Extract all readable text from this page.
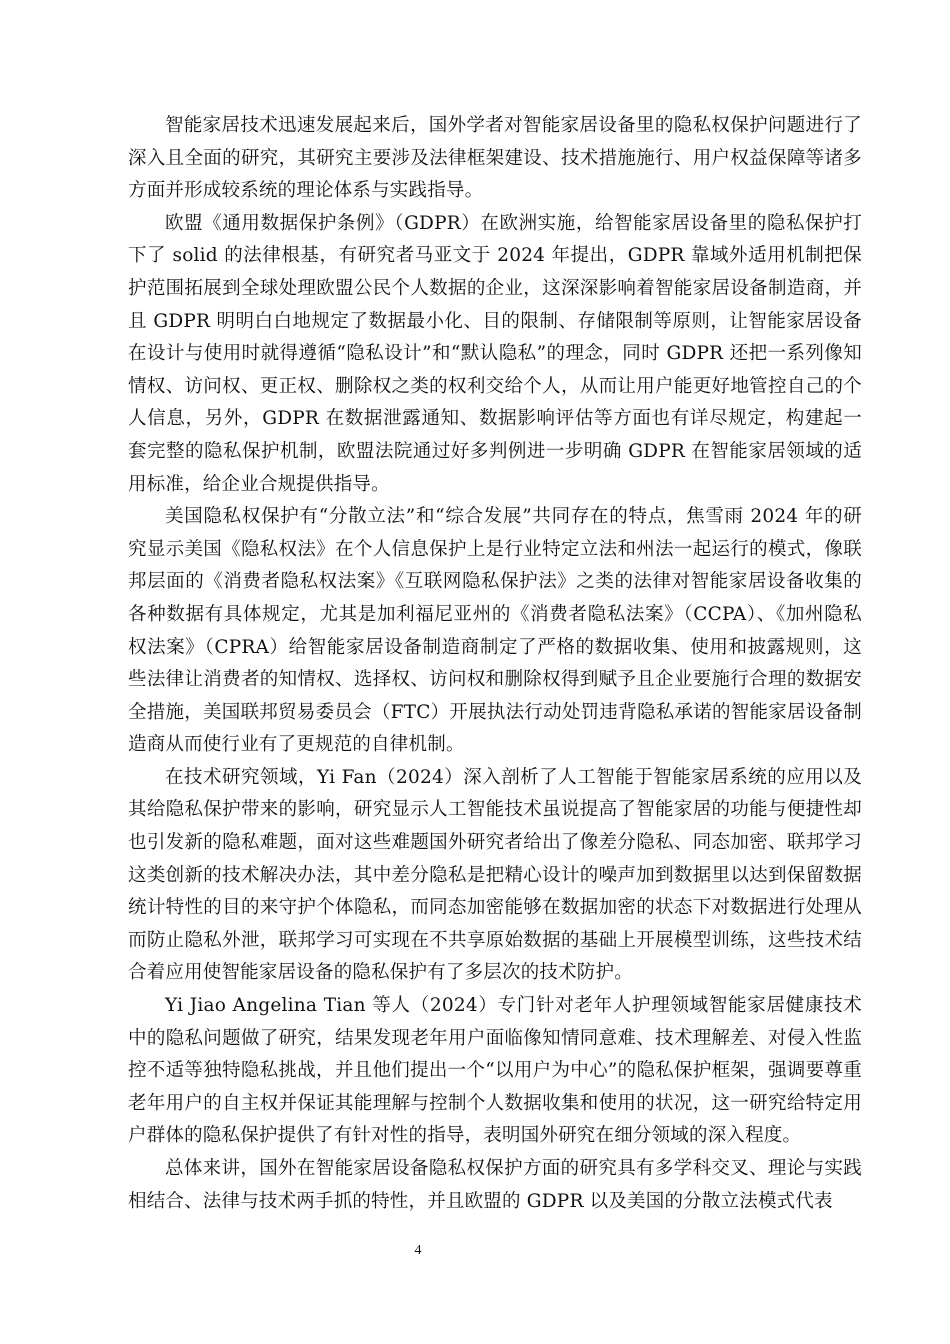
智能家居技术迅速发展起来后，国外学者对智能家居设备里的隐私权保护问题进行了深入且全面的研究，其研究主要涉及法律框架建设、技术措施施行、用户权益保障等诸多方面并形成较系统的理论体系与实践指导。

欧盟《通用数据保护条例》（GDPR）在欧洲实施，给智能家居设备里的隐私保护打下了 solid 的法律根基，有研究者马亚文于 2024 年提出，GDPR 靠域外适用机制把保护范围拓展到全球处理欧盟公民个人数据的企业，这深深影响着智能家居设备制造商，并且 GDPR 明明白白地规定了数据最小化、目的限制、存储限制等原则，让智能家居设备在设计与使用时就得遵循“隐私设计”和“默认隐私”的理念，同时 GDPR 还把一系列像知情权、访问权、更正权、删除权之类的权利交给个人，从而让用户能更好地管控自己的个人信息，另外，GDPR 在数据泄露通知、数据影响评估等方面也有详尽规定，构建起一套完整的隐私保护机制，欧盟法院通过好多判例进一步明确 GDPR 在智能家居领域的适用标准，给企业合规提供指导。

美国隐私权保护有“分散立法”和“综合发展”共同存在的特点，焦雪雨 2024 年的研究显示美国《隐私权法》在个人信息保护上是行业特定立法和州法一起运行的模式，像联邦层面的《消费者隐私权法案》《互联网隐私保护法》之类的法律对智能家居设备收集的各种数据有具体规定，尤其是加利福尼亚州的《消费者隐私法案》（CCPA）、《加州隐私权法案》（CPRA）给智能家居设备制造商制定了严格的数据收集、使用和披露规则，这些法律让消费者的知情权、选择权、访问权和删除权得到赋予且企业要施行合理的数据安全措施，美国联邦贸易委员会（FTC）开展执法行动处罚违背隐私承诺的智能家居设备制造商从而使行业有了更规范的自律机制。

在技术研究领域，Yi Fan（2024）深入剖析了人工智能于智能家居系统的应用以及其给隐私保护带来的影响，研究显示人工智能技术虽说提高了智能家居的功能与便捷性却也引发新的隐私难题，面对这些难题国外研究者给出了像差分隐私、同态加密、联邦学习这类创新的技术解决办法，其中差分隐私是把精心设计的噪声加到数据里以达到保留数据统计特性的目的来守护个体隐私，而同态加密能够在数据加密的状态下对数据进行处理从而防止隐私外泄，联邦学习可实现在不共享原始数据的基础上开展模型训练，这些技术结合着应用使智能家居设备的隐私保护有了多层次的技术防护。

Yi Jiao Angelina Tian 等人（2024）专门针对老年人护理领域智能家居健康技术中的隐私问题做了研究，结果发现老年用户面临像知情同意难、技术理解差、对侵入性监控不适等独特隐私挑战，并且他们提出一个“以用户为中心”的隐私保护框架，强调要尊重老年用户的自主权并保证其能理解与控制个人数据收集和使用的状况，这一研究给特定用户群体的隐私保护提供了有针对性的指导，表明国外研究在细分领域的深入程度。

总体来讲，国外在智能家居设备隐私权保护方面的研究具有多学科交叉、理论与实践相结合、法律与技术两手抓的特性，并且欧盟的 GDPR 以及美国的分散立法模式代表

4
